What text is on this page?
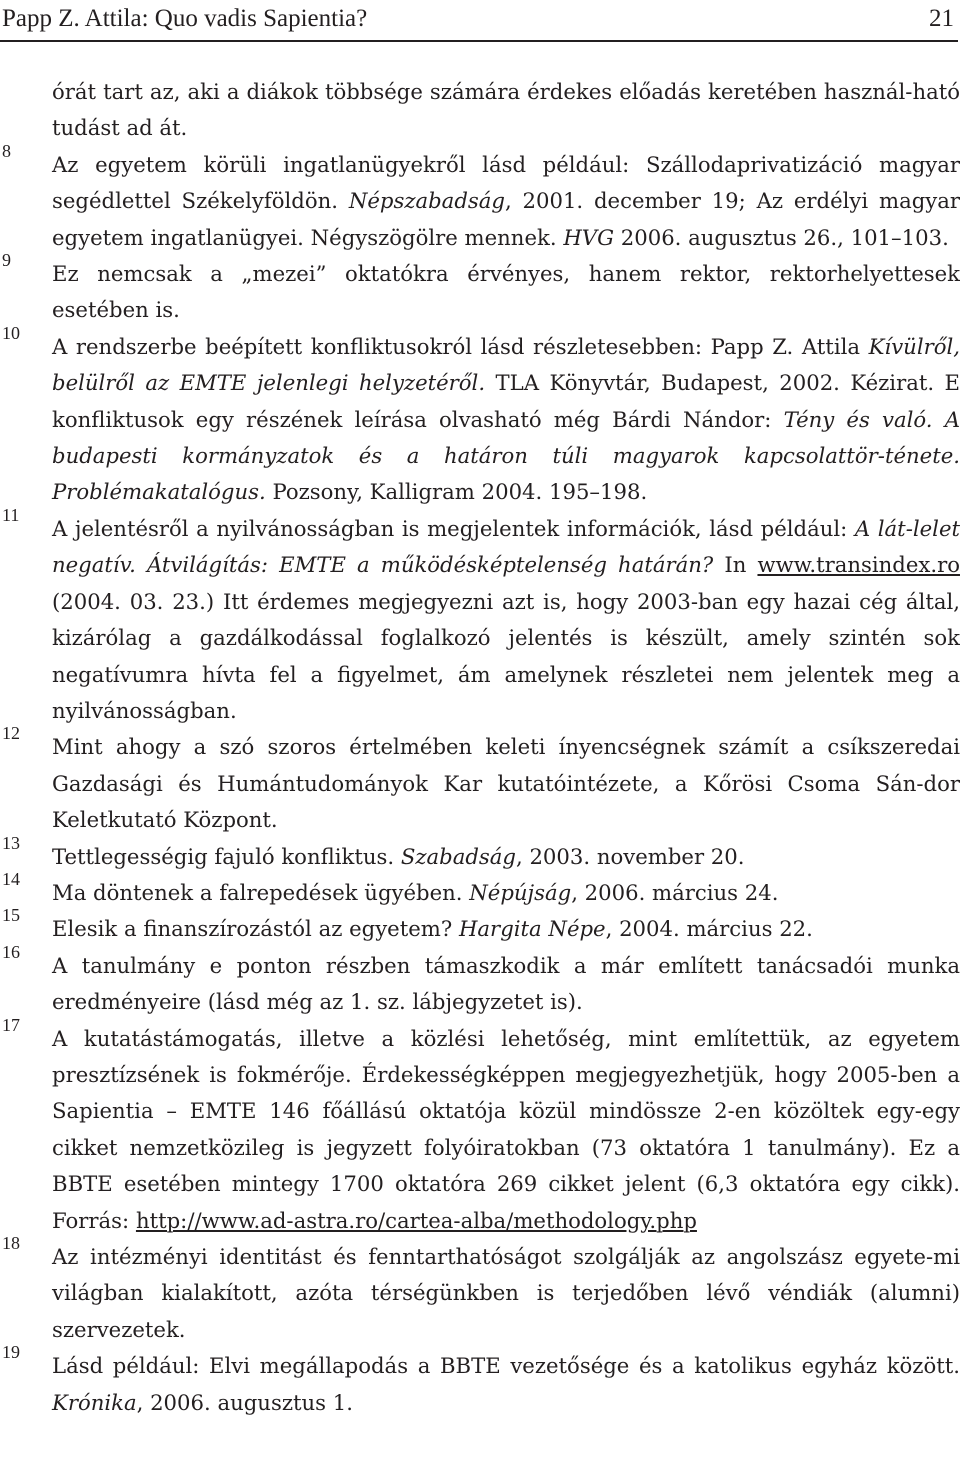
Papp Z. Attila: Quo vadis Sapientia?	21
órát tart az, aki a diákok többsége számára érdekes előadás keretében használ-ható tudást ad át.
8
Az egyetem körüli ingatlanügyekről lásd például: Szállodaprivatizáció magyar segédlettel Székelyföldön. Népszabadság, 2001. december 19; Az erdélyi magyar egyetem ingatlanügyei. Négyszögölre mennek. HVG 2006. augusztus 26., 101–103.
9
Ez nemcsak a „mezei” oktatókra érvényes, hanem rektor, rektorhelyettesek esetében is.
10
A rendszerbe beépített konfliktusokról lásd részletesebben: Papp Z. Attila Kívülről, belülről az EMTE jelenlegi helyzetéről. TLA Könyvtár, Budapest, 2002. Kézirat. E konfliktusok egy részének leírása olvasható még Bárdi Nándor: Tény és való. A budapesti kormányzatok és a határon túli magyarok kapcsolattör-ténete. Problémakatalógus. Pozsony, Kalligram 2004. 195–198.
11
A jelentésről a nyilvánosságban is megjelentek információk, lásd például: A lát-lelet negatív. Átvilágítás: EMTE a működésképtelenség határán? In www.transindex.ro (2004. 03. 23.) Itt érdemes megjegyezni azt is, hogy 2003-ban egy hazai cég által, kizárólag a gazdálkodással foglalkozó jelentés is készült, amely szintén sok negatívumra hívta fel a figyelmet, ám amelynek részletei nem jelentek meg a nyilvánosságban.
12
Mint ahogy a szó szoros értelmében keleti ínyencségnek számít a csíkszeredai Gazdasági és Humántudományok Kar kutatóintézete, a Kőrösi Csoma Sán-dor Keletkutató Központ.
13
Tettlegességig fajuló konfliktus. Szabadság, 2003. november 20.
14
Ma döntenek a falrepedések ügyében. Népújság, 2006. március 24.
15
Elesik a finanszírozástól az egyetem? Hargita Népe, 2004. március 22.
16
A tanulmány e ponton részben támaszkodik a már említett tanácsadói munka eredményeire (lásd még az 1. sz. lábjegyzetet is).
17
A kutatástámogatás, illetve a közlési lehetőség, mint említettük, az egyetem presztízsének is fokmérője. Érdekességképpen megjegyezhetjük, hogy 2005-ben a Sapientia – EMTE 146 főállású oktatója közül mindössze 2-en közöltek egy-egy cikket nemzetközileg is jegyzett folyóiratokban (73 oktatóra 1 tanulmány). Ez a BBTE esetében mintegy 1700 oktatóra 269 cikket jelent (6,3 oktatóra egy cikk). Forrás: http://www.ad-astra.ro/cartea-alba/methodology.php
18
Az intézményi identitást és fenntarthatóságot szolgálják az angolszász egyete-mi világban kialakított, azóta térségünkben is terjedőben lévő véndiák (alumni) szervezetek.
19
Lásd például: Elvi megállapodás a BBTE vezetősége és a katolikus egyház között. Krónika, 2006. augusztus 1.
